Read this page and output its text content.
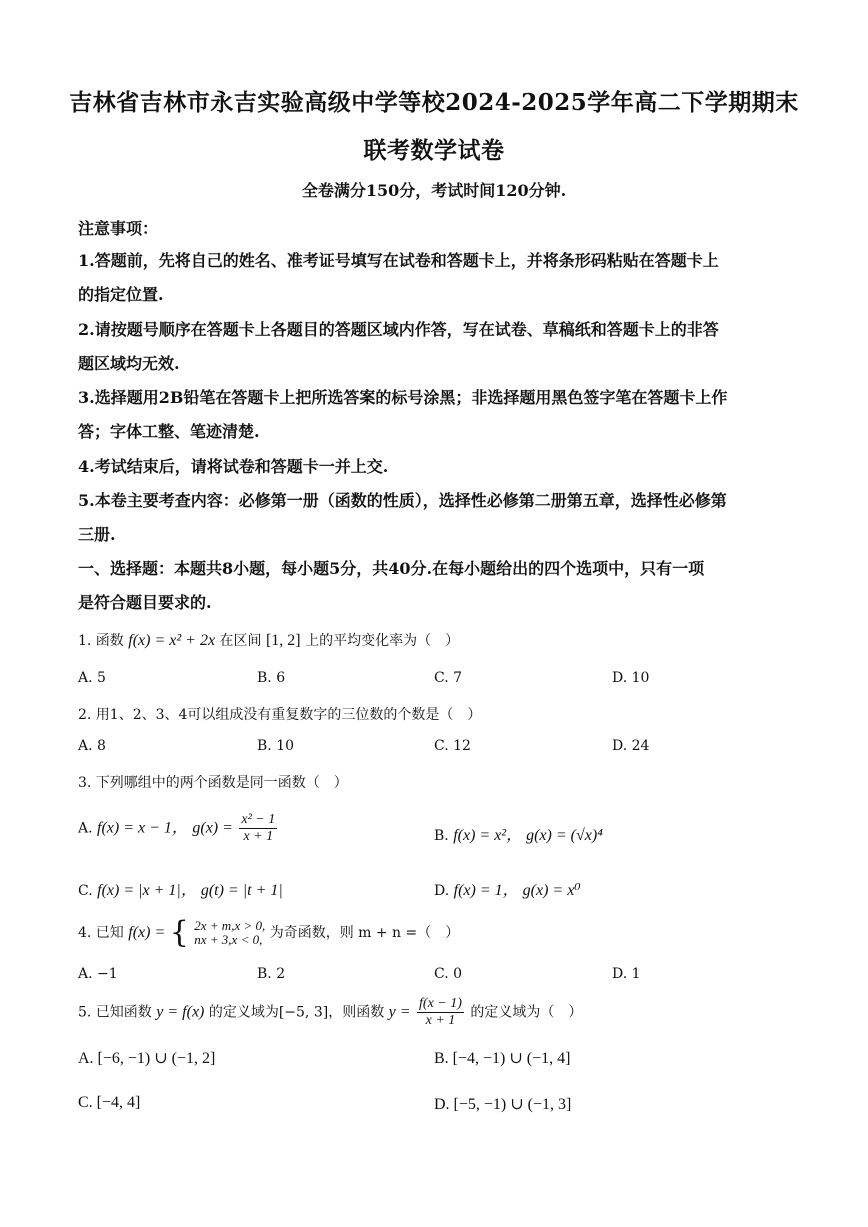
吉林省吉林市永吉实验高级中学等校2024-2025学年高二下学期期末
联考数学试卷
全卷满分150分，考试时间120分钟.
注意事项：
1.答题前，先将自己的姓名、准考证号填写在试卷和答题卡上，并将条形码粘贴在答题卡上
的指定位置.
2.请按题号顺序在答题卡上各题目的答题区域内作答，写在试卷、草稿纸和答题卡上的非答
题区域均无效.
3.选择题用2B铅笔在答题卡上把所选答案的标号涂黑；非选择题用黑色签字笔在答题卡上作
答；字体工整、笔迹清楚.
4.考试结束后，请将试卷和答题卡一并上交.
5.本卷主要考查内容：必修第一册（函数的性质），选择性必修第二册第五章，选择性必修第
三册.
一、选择题：本题共8小题，每小题5分，共40分.在每小题给出的四个选项中，只有一项
是符合题目要求的.
1. 函数 f(x) = x² + 2x 在区间 [1, 2] 上的平均变化率为（　）
A. 5	B. 6	C. 7	D. 10
2. 用1、2、3、4可以组成没有重复数字的三位数的个数是（　）
A. 8	B. 10	C. 12	D. 24
3. 下列哪组中的两个函数是同一函数（　）
A. f(x) = x − 1， $g(x) = \frac{\text{x² − 1}}{x + 1}$	B. f(x) = x²， g(x) = (√x)⁴
C. f(x) = |x + 1|， g(t) = |t + 1|	D. f(x) = 1， g(x) = x⁰
4. 已知 f(x) = { 2x + m,x > 0,
nx + 3,x < 0, 为奇函数，则 m + n =（　）
A. −1	B. 2	C. 0	D. 1
5. 已知函数 y = f(x) 的定义域为[−5, 3]，则函数 $y = \frac{f(x - 1)}{x + 1}$ 的定义域为（　）
A. [−6, −1) ∪ (−1, 2]	B. [−4, −1) ∪ (−1, 4]
C. [−4, 4]	D. [−5, −1) ∪ (−1, 3]
